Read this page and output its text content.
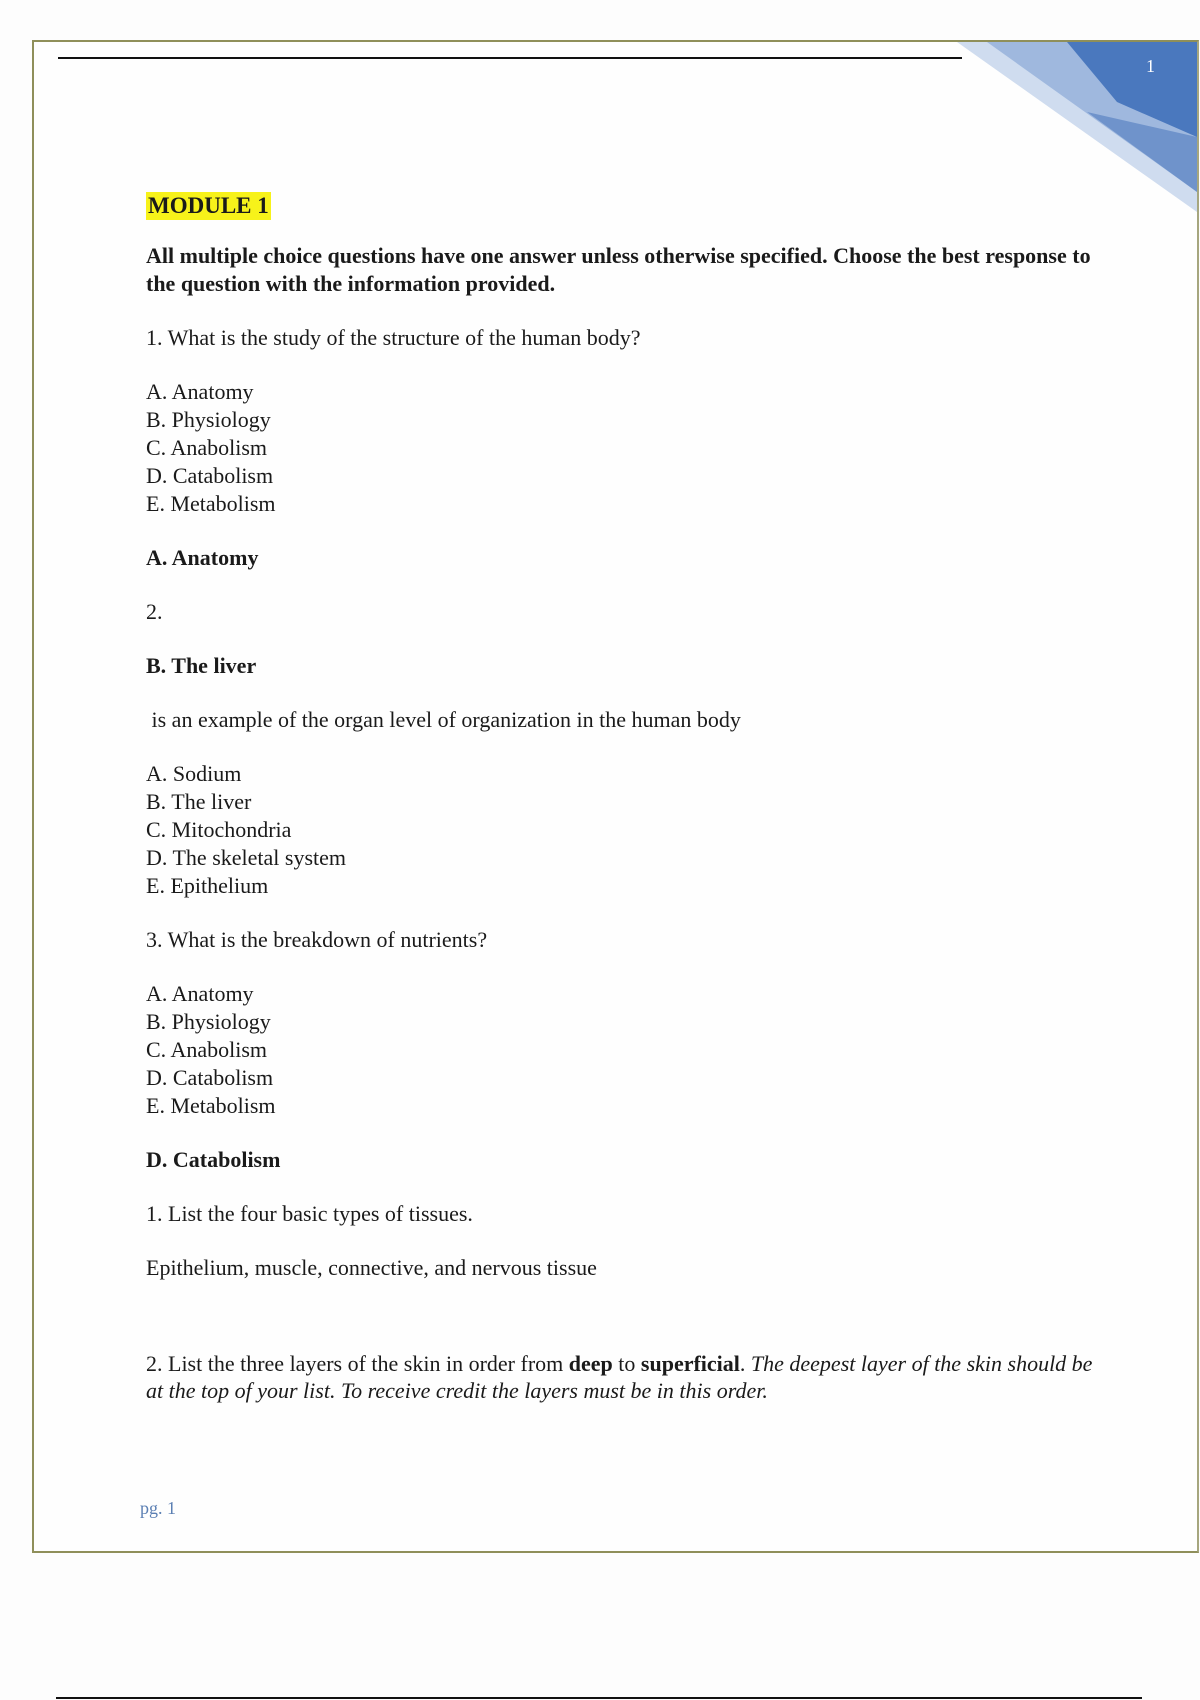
1
MODULE 1

All multiple choice questions have one answer unless otherwise specified. Choose the best response to the question with the information provided.

1. What is the study of the structure of the human body?

A. Anatomy
B. Physiology
C. Anabolism
D. Catabolism
E. Metabolism

A. Anatomy

2.

B. The liver

is an example of the organ level of organization in the human body

A. Sodium
B. The liver
C. Mitochondria
D. The skeletal system
E. Epithelium

3. What is the breakdown of nutrients?

A. Anatomy
B. Physiology
C. Anabolism
D. Catabolism
E. Metabolism

D. Catabolism

1. List the four basic types of tissues.

Epithelium, muscle, connective, and nervous tissue

2. List the three layers of the skin in order from deep to superficial. The deepest layer of the skin should be at the top of your list. To receive credit the layers must be in this order.

pg. 1
